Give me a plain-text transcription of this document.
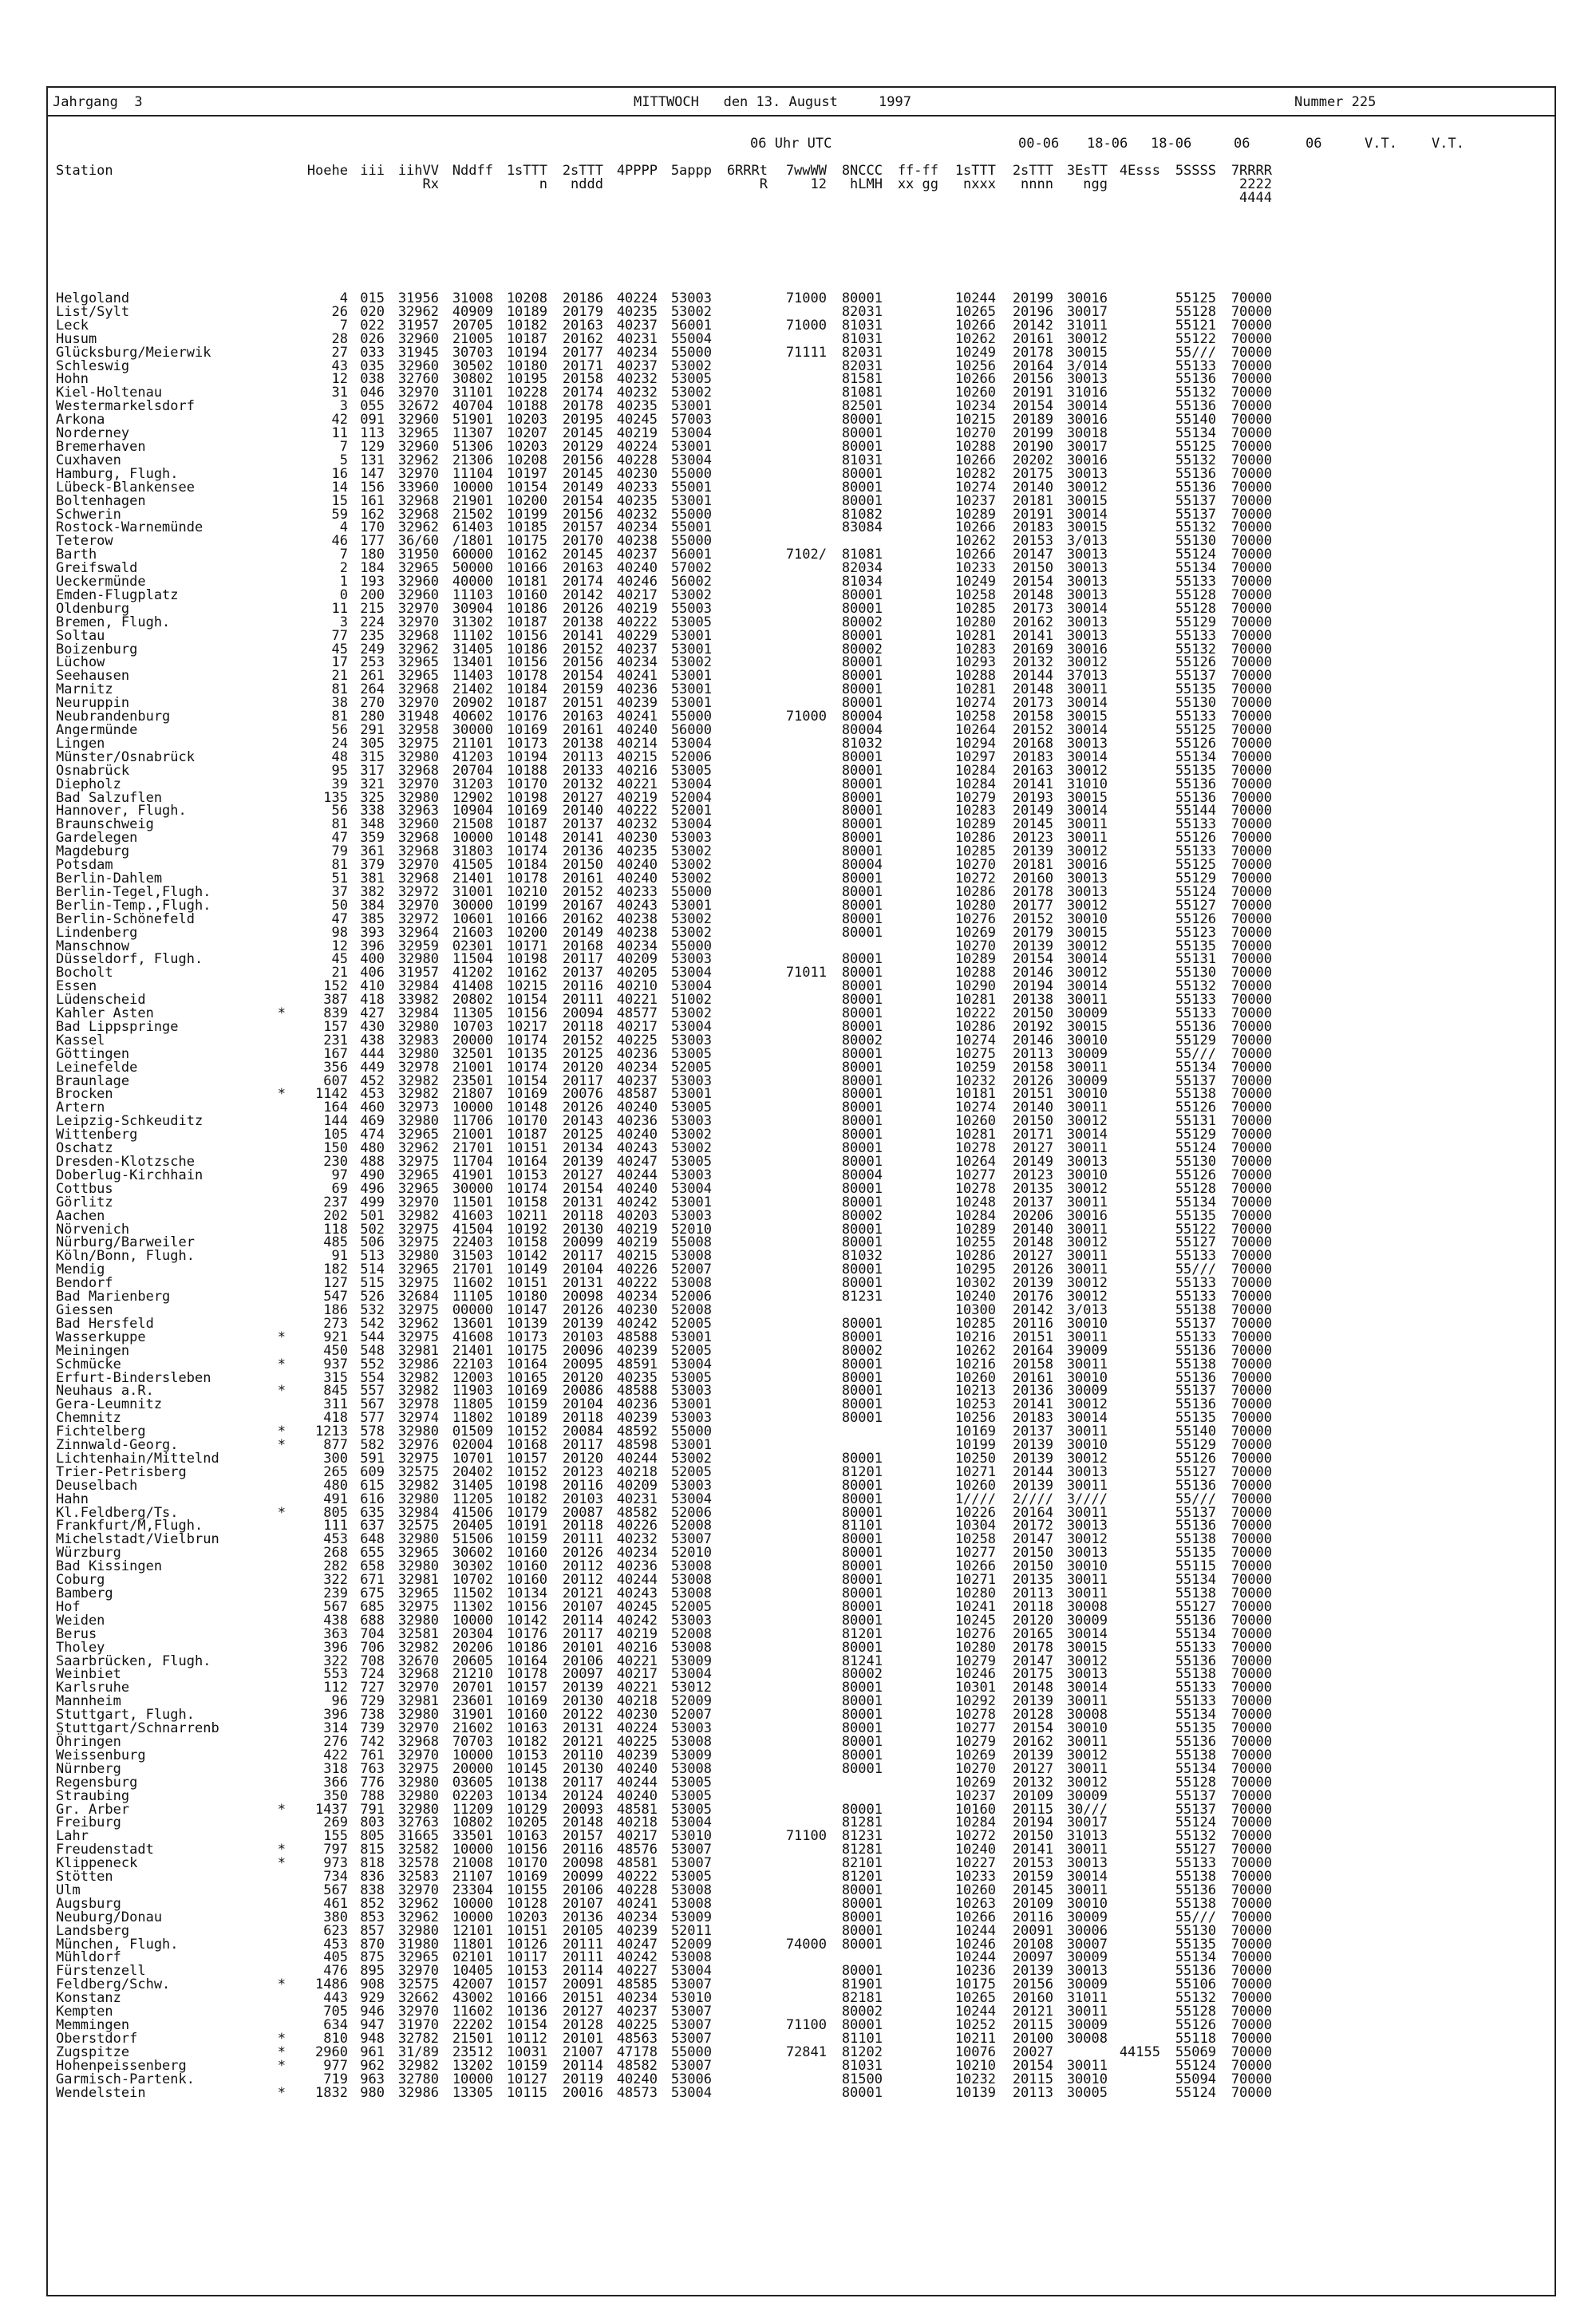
Jahrgang  3	MITTWOCH   den 13. August     1997	Nummer 225
06 Uhr UTC	00-06 18-06 18-06	06	06	V.T.	V.T.
Station	Hoehe	iii	iihVV	Nddff	1sTTT	2sTTT	4PPPP	5appp	6RRRt	7wwWW	8NCCC	ff-ff	1sTTT	2sTTT	3EsTT	4Esss	5SSSS	7RRRR
			Rx		n	nddd			R	12	hLMH	xx gg	nxxx	nnnn	ngg			2222
																		4444
Helgoland	4	015	31956	31008	10208	20186	40224	53003		71000	80001		10244	20199	30016		55125	70000
List/Sylt	26	020	32962	40909	10189	20179	40235	53002			82031		10265	20196	30017		55128	70000
Leck	7	022	31957	20705	10182	20163	40237	56001		71000	81031		10266	20142	31011		55121	70000
Husum	28	026	32960	21005	10187	20162	40231	55004			81031		10262	20161	30012		55122	70000
Glücksburg/Meierwik	27	033	31945	30703	10194	20177	40234	55000		71111	82031		10249	20178	30015		55///	70000
Schleswig	43	035	32960	30502	10180	20171	40237	53002			82031		10256	20164	3/014		55133	70000
Hohn	12	038	32760	30802	10195	20158	40232	53005			81581		10266	20156	30013		55136	70000
Kiel-Holtenau	31	046	32970	31101	10228	20174	40232	53002			81081		10260	20191	31016		55132	70000
Westermarkelsdorf	3	055	32672	40704	10188	20178	40235	53001			82501		10234	20154	30014		55136	70000
Arkona	42	091	32960	51901	10203	20195	40245	57003			80001		10215	20189	30016		55140	70000
Norderney	11	113	32965	11307	10207	20145	40219	53004			80001		10270	20199	30018		55134	70000
Bremerhaven	7	129	32960	51306	10203	20129	40224	53001			80001		10288	20190	30017		55125	70000
Cuxhaven	5	131	32962	21306	10208	20156	40228	53004			81031		10266	20202	30016		55132	70000
Hamburg, Flugh.	16	147	32970	11104	10197	20145	40230	55000			80001		10282	20175	30013		55136	70000
Lübeck-Blankensee	14	156	33960	10000	10154	20149	40233	55001			80001		10274	20140	30012		55136	70000
Boltenhagen	15	161	32968	21901	10200	20154	40235	53001			80001		10237	20181	30015		55137	70000
Schwerin	59	162	32968	21502	10199	20156	40232	55000			81082		10289	20191	30014		55137	70000
Rostock-Warnemünde	4	170	32962	61403	10185	20157	40234	55001			83084		10266	20183	30015		55132	70000
Teterow	46	177	36/60	/1801	10175	20170	40238	55000					10262	20153	3/013		55130	70000
Barth	7	180	31950	60000	10162	20145	40237	56001		7102/	81081		10266	20147	30013		55124	70000
Greifswald	2	184	32965	50000	10166	20163	40240	57002			82034		10233	20150	30013		55134	70000
Ueckermünde	1	193	32960	40000	10181	20174	40246	56002			81034		10249	20154	30013		55133	70000
Emden-Flugplatz	0	200	32960	11103	10160	20142	40217	53002			80001		10258	20148	30013		55128	70000
Oldenburg	11	215	32970	30904	10186	20126	40219	55003			80001		10285	20173	30014		55128	70000
Bremen, Flugh.	3	224	32970	31302	10187	20138	40222	53005			80002		10280	20162	30013		55129	70000
Soltau	77	235	32968	11102	10156	20141	40229	53001			80001		10281	20141	30013		55133	70000
Boizenburg	45	249	32962	31405	10186	20152	40237	53001			80002		10283	20169	30016		55132	70000
Lüchow	17	253	32965	13401	10156	20156	40234	53002			80001		10293	20132	30012		55126	70000
Seehausen	21	261	32965	11403	10178	20154	40241	53001			80001		10288	20144	37013		55137	70000
Marnitz	81	264	32968	21402	10184	20159	40236	53001			80001		10281	20148	30011		55135	70000
Neuruppin	38	270	32970	20902	10187	20151	40239	53001			80001		10274	20173	30014		55130	70000
Neubrandenburg	81	280	31948	40602	10176	20163	40241	55000		71000	80004		10258	20158	30015		55133	70000
Angermünde	56	291	32958	30000	10169	20161	40240	56000			80004		10264	20152	30014		55125	70000
Lingen	24	305	32975	21101	10173	20138	40214	53004			81032		10294	20168	30013		55126	70000
Münster/Osnabrück	48	315	32980	41203	10194	20113	40215	52006			80001		10297	20183	30014		55134	70000
Osnabrück	95	317	32968	20704	10188	20133	40216	53005			80001		10284	20163	30012		55135	70000
Diepholz	39	321	32970	31203	10170	20132	40221	53004			80001		10284	20141	31010		55136	70000
Bad Salzuflen	135	325	32980	12902	10198	20127	40219	52004			80001		10279	20193	30015		55136	70000
Hannover, Flugh.	56	338	32963	10904	10169	20140	40222	52001			80001		10283	20149	30014		55144	70000
Braunschweig	81	348	32960	21508	10187	20137	40232	53004			80001		10289	20145	30011		55133	70000
Gardelegen	47	359	32968	10000	10148	20141	40230	53003			80001		10286	20123	30011		55126	70000
Magdeburg	79	361	32968	31803	10174	20136	40235	53002			80001		10285	20139	30012		55133	70000
Potsdam	81	379	32970	41505	10184	20150	40240	53002			80004		10270	20181	30016		55125	70000
Berlin-Dahlem	51	381	32968	21401	10178	20161	40240	53002			80001		10272	20160	30013		55129	70000
Berlin-Tegel,Flugh.	37	382	32972	31001	10210	20152	40233	55000			80001		10286	20178	30013		55124	70000
Berlin-Temp.,Flugh.	50	384	32970	30000	10199	20167	40243	53001			80001		10280	20177	30012		55127	70000
Berlin-Schönefeld	47	385	32972	10601	10166	20162	40238	53002			80001		10276	20152	30010		55126	70000
Lindenberg	98	393	32964	21603	10200	20149	40238	53002			80001		10269	20179	30015		55123	70000
Manschnow	12	396	32959	02301	10171	20168	40234	55000					10270	20139	30012		55135	70000
Düsseldorf, Flugh.	45	400	32980	11504	10198	20117	40209	53003			80001		10289	20154	30014		55131	70000
Bocholt	21	406	31957	41202	10162	20137	40205	53004		71011	80001		10288	20146	30012		55130	70000
Essen	152	410	32984	41408	10215	20116	40210	53004			80001		10290	20194	30014		55132	70000
Lüdenscheid	387	418	33982	20802	10154	20111	40221	51002			80001		10281	20138	30011		55133	70000
Kahler Asten *	839	427	32984	11305	10156	20094	48577	53002			80001		10222	20150	30009		55133	70000
Bad Lippspringe	157	430	32980	10703	10217	20118	40217	53004			80001		10286	20192	30015		55136	70000
Kassel	231	438	32983	20000	10174	20152	40225	53003			80002		10274	20146	30010		55129	70000
Göttingen	167	444	32980	32501	10135	20125	40236	53005			80001		10275	20113	30009		55///	70000
Leinefelde	356	449	32978	21001	10174	20120	40234	52005			80001		10259	20158	30011		55134	70000
Braunlage	607	452	32982	23501	10154	20117	40237	53003			80001		10232	20126	30009		55137	70000
Brocken *	1142	453	32982	21807	10169	20076	48587	53001			80001		10181	20151	30010		55138	70000
Artern	164	460	32973	10000	10148	20126	40240	53005			80001		10274	20140	30011		55126	70000
Leipzig-Schkeuditz	144	469	32980	11706	10170	20143	40236	53003			80001		10260	20150	30012		55131	70000
Wittenberg	105	474	32965	21001	10187	20125	40240	53002			80001		10281	20171	30014		55129	70000
Oschatz	150	480	32962	21701	10151	20134	40243	53002			80001		10278	20127	30011		55124	70000
Dresden-Klotzsche	230	488	32975	11704	10164	20139	40247	53005			80001		10264	20149	30013		55130	70000
Doberlug-Kirchhain	97	490	32965	41901	10153	20127	40244	53003			80004		10277	20123	30010		55126	70000
Cottbus	69	496	32965	30000	10174	20154	40240	53004			80001		10278	20135	30012		55128	70000
Görlitz	237	499	32970	11501	10158	20131	40242	53001			80001		10248	20137	30011		55134	70000
Aachen	202	501	32982	41603	10211	20118	40203	53003			80002		10284	20206	30016		55135	70000
Nörvenich	118	502	32975	41504	10192	20130	40219	52010			80001		10289	20140	30011		55122	70000
Nürburg/Barweiler	485	506	32975	22403	10158	20099	40219	55008			80001		10255	20148	30012		55127	70000
Köln/Bonn, Flugh.	91	513	32980	31503	10142	20117	40215	53008			81032		10286	20127	30011		55133	70000
Mendig	182	514	32965	21701	10149	20104	40226	52007			80001		10295	20126	30011		55///	70000
Bendorf	127	515	32975	11602	10151	20131	40222	53008			80001		10302	20139	30012		55133	70000
Bad Marienberg	547	526	32684	11105	10180	20098	40234	52006			81231		10240	20176	30012		55133	70000
Giessen	186	532	32975	00000	10147	20126	40230	52008					10300	20142	3/013		55138	70000
Bad Hersfeld	273	542	32962	13601	10139	20139	40242	52005			80001		10285	20116	30010		55137	70000
Wasserkuppe *	921	544	32975	41608	10173	20103	48588	53001			80001		10216	20151	30011		55133	70000
Meiningen	450	548	32981	21401	10175	20096	40239	52005			80002		10262	20164	39009		55136	70000
Schmücke *	937	552	32986	22103	10164	20095	48591	53004			80001		10216	20158	30011		55138	70000
Erfurt-Bindersleben	315	554	32982	12003	10165	20120	40235	53005			80001		10260	20161	30010		55136	70000
Neuhaus a.R. *	845	557	32982	11903	10169	20086	48588	53003			80001		10213	20136	30009		55137	70000
Gera-Leumnitz	311	567	32978	11805	10159	20104	40236	53001			80001		10253	20141	30012		55136	70000
Chemnitz	418	577	32974	11802	10189	20118	40239	53003			80001		10256	20183	30014		55135	70000
Fichtelberg *	1213	578	32980	01509	10152	20084	48592	55000					10169	20137	30011		55140	70000
Zinnwald-Georg. *	877	582	32976	02004	10168	20117	48598	53001					10199	20139	30010		55129	70000
Lichtenhain/Mittelnd	300	591	32975	10701	10157	20120	40244	53002			80001		10250	20139	30012		55126	70000
Trier-Petrisberg	265	609	32575	20402	10152	20123	40218	52005			81201		10271	20144	30013		55127	70000
Deuselbach	480	615	32982	31405	10198	20116	40209	53003			80001		10260	20139	30011		55136	70000
Hahn	491	616	32980	11205	10182	20103	40231	53004			80001		1////	2////	3////		55///	70000
Kl.Feldberg/Ts. *	805	635	32984	41506	10179	20087	48582	52006			80001		10226	20164	30011		55137	70000
Frankfurt/M,Flugh.	111	637	32575	20405	10191	20118	40226	52008			81101		10304	20172	30013		55136	70000
Michelstadt/Vielbrun	453	648	32980	51506	10159	20111	40232	53007			80001		10258	20147	30012		55138	70000
Würzburg	268	655	32965	30602	10160	20126	40234	52010			80001		10277	20150	30013		55135	70000
Bad Kissingen	282	658	32980	30302	10160	20112	40236	53008			80001		10266	20150	30010		55115	70000
Coburg	322	671	32981	10702	10160	20112	40244	53008			80001		10271	20135	30011		55134	70000
Bamberg	239	675	32965	11502	10134	20121	40243	53008			80001		10280	20113	30011		55138	70000
Hof	567	685	32975	11302	10156	20107	40245	52005			80001		10241	20118	30008		55127	70000
Weiden	438	688	32980	10000	10142	20114	40242	53003			80001		10245	20120	30009		55136	70000
Berus	363	704	32581	20304	10176	20117	40219	52008			81201		10276	20165	30014		55134	70000
Tholey	396	706	32982	20206	10186	20101	40216	53008			80001		10280	20178	30015		55133	70000
Saarbrücken, Flugh.	322	708	32670	20605	10164	20106	40221	53009			81241		10279	20147	30012		55136	70000
Weinbiet	553	724	32968	21210	10178	20097	40217	53004			80002		10246	20175	30013		55138	70000
Karlsruhe	112	727	32970	20701	10157	20139	40221	53012			80001		10301	20148	30014		55133	70000
Mannheim	96	729	32981	23601	10169	20130	40218	52009			80001		10292	20139	30011		55133	70000
Stuttgart, Flugh.	396	738	32980	31901	10160	20122	40230	52007			80001		10278	20128	30008		55134	70000
Stuttgart/Schnarrenb	314	739	32970	21602	10163	20131	40224	53003			80001		10277	20154	30010		55135	70000
Öhringen	276	742	32968	70703	10182	20121	40225	53008			80001		10279	20162	30011		55136	70000
Weissenburg	422	761	32970	10000	10153	20110	40239	53009			80001		10269	20139	30012		55138	70000
Nürnberg	318	763	32975	20000	10145	20130	40240	53008			80001		10270	20127	30011		55134	70000
Regensburg	366	776	32980	03605	10138	20117	40244	53005					10269	20132	30012		55128	70000
Straubing	350	788	32980	02203	10134	20124	40240	53005					10237	20109	30009		55137	70000
Gr. Arber *	1437	791	32980	11209	10129	20093	48581	53005			80001		10160	20115	30///		55137	70000
Freiburg	269	803	32763	10802	10205	20148	40218	53004			81281		10284	20194	30017		55124	70000
Lahr	155	805	31665	33501	10163	20157	40217	53010		71100	81231		10272	20150	31013		55132	70000
Freudenstadt *	797	815	32582	10000	10156	20116	48576	53007			81281		10240	20141	30011		55127	70000
Klippeneck *	973	818	32578	21008	10170	20098	48581	53007			82101		10227	20153	30013		55133	70000
Stötten	734	836	32583	21107	10169	20099	40222	53005			81201		10233	20159	30014		55138	70000
Ulm	567	838	32970	23304	10155	20106	40228	53008			80001		10260	20145	30011		55136	70000
Augsburg	461	852	32962	10000	10128	20107	40241	53008			80001		10263	20109	30010		55138	70000
Neuburg/Donau	380	853	32962	10000	10203	20136	40234	53009			80001		10266	20116	30009		55///	70000
Landsberg	623	857	32980	12101	10151	20105	40239	52011			80001		10244	20091	30006		55130	70000
München, Flugh.	453	870	31980	11801	10126	20111	40247	52009		74000	80001		10246	20108	30007		55135	70000
Mühldorf	405	875	32965	02101	10117	20111	40242	53008					10244	20097	30009		55134	70000
Fürstenzell	476	895	32970	10405	10153	20114	40227	53004			80001		10236	20139	30013		55136	70000
Feldberg/Schw. *	1486	908	32575	42007	10157	20091	48585	53007			81901		10175	20156	30009		55106	70000
Konstanz	443	929	32662	43002	10166	20151	40234	53010			82181		10265	20160	31011		55132	70000
Kempten	705	946	32970	11602	10136	20127	40237	53007			80002		10244	20121	30011		55128	70000
Memmingen	634	947	31970	22202	10154	20128	40225	53007		71100	80001		10252	20115	30009		55126	70000
Oberstdorf *	810	948	32782	21501	10112	20101	48563	53007			81101		10211	20100	30008		55118	70000
Zugspitze *	2960	961	31/89	23512	10031	21007	47178	55000		72841	81202		10076	20027		44155	55069	70000
Hohenpeissenberg *	977	962	32982	13202	10159	20114	48582	53007			81031		10210	20154	30011		55124	70000
Garmisch-Partenk.	719	963	32780	10000	10127	20119	40240	53006			81500		10232	20115	30010		55094	70000
Wendelstein *	1832	980	32986	13305	10115	20016	48573	53004			80001		10139	20113	30005		55124	70000
